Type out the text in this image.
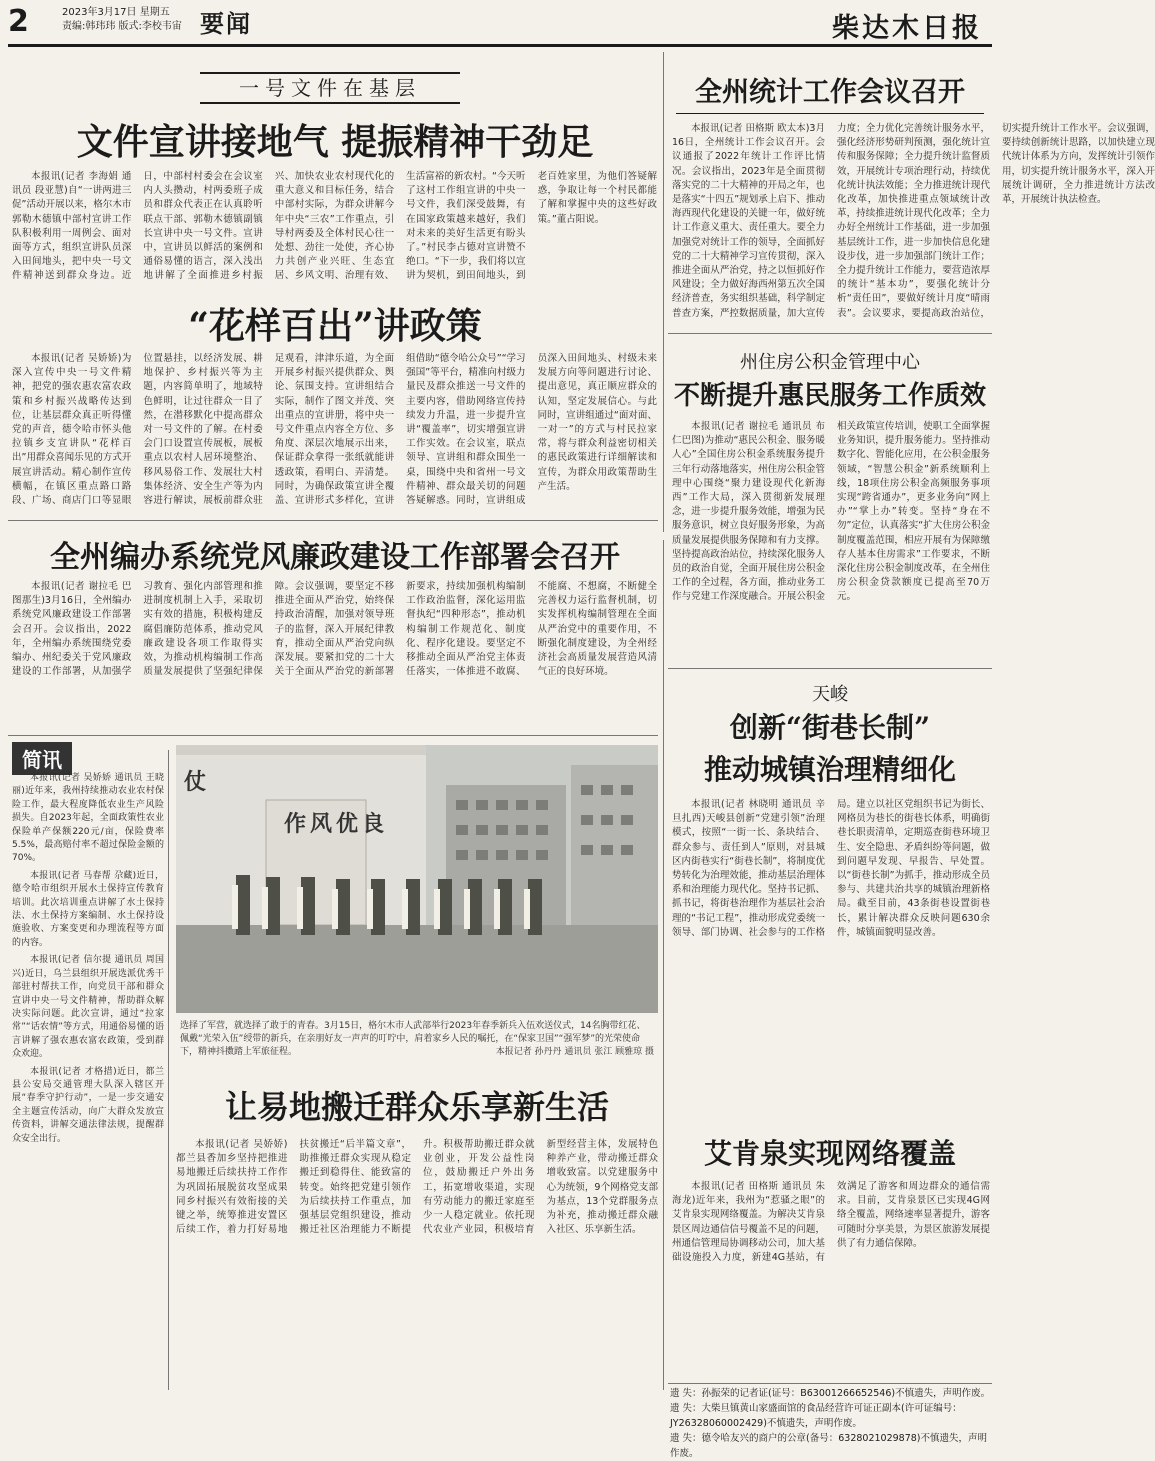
2	2023年3月17日 星期五
责编:韩玮玮 版式:李校韦宙 要闻	柴达木日报
一号文件在基层
文件宣讲接地气 提振精神干劲足

本报讯(记者 李海娟 通讯员 段亚慧)自“一讲两进三促”活动开展以来，格尔木市郭勒木德镇中部村宣讲工作队积极利用一周例会、面对面等方式，组织宣讲队员深入田间地头，把中央一号文件精神送到群众身边。近日，中部村村委会在会议室内人头攒动，村两委班子成员和群众代表正在认真聆听联点干部、郭勒木德镇副镇长宣讲中央一号文件。宣讲中，宣讲员以鲜活的案例和通俗易懂的语言，深入浅出地讲解了全面推进乡村振兴、加快农业农村现代化的重大意义和目标任务，结合中部村实际，为群众讲解今年中央“三农”工作重点，引导村两委及全体村民心往一处想、劲往一处使，齐心协力共创产业兴旺、生态宜居、乡风文明、治理有效、生活富裕的新农村。“今天听了这村工作组宣讲的中央一号文件，我们深受鼓舞，有在国家政策越来越好，我们对未来的美好生活更有盼头了。”村民李占德对宣讲赞不绝口。“下一步，我们将以宣讲为契机，到田间地头，到老百姓家里，为他们答疑解惑，争取让每一个村民都能了解和掌握中央的这些好政策。”董占阳说。

“花样百出”讲政策

本报讯(记者 吴娇娇)为深入宣传中央一号文件精神，把党的强农惠农富农政策和乡村振兴战略传达到位，让基层群众真正听得懂党的声音，德令哈市怀头他拉镇乡支宣讲队“花样百出”用群众喜闻乐见的方式开展宣讲活动。精心制作宣传横幅，在镇区重点路口路段、广场、商店门口等显眼位置悬挂，以经济发展、耕地保护、乡村振兴等为主题，内容简单明了，地域特色鲜明，让过往群众一目了然，在潜移默化中提高群众对一号文件的了解。在村委会门口设置宣传展板，展板重点以农村人居环境整治、移风易俗工作、发展壮大村集体经济、安全生产等为内容进行解读，展板前群众驻足观看，津津乐道，为全面开展乡村振兴提供群众、舆论、氛围支持。宣讲组结合实际，制作了图文并茂、突出重点的宣讲册，将中央一号文件重点内容全方位、多角度、深层次地展示出来，保证群众拿得一张纸就能讲透政策，看明白、弄清楚。同时，为确保政策宣讲全覆盖、宣讲形式多样化，宣讲组借助“德令哈公众号”“学习强国”等平台，精准向村级力量民及群众推送一号文件的主要内容，借助网络宣传持续发力升温，进一步提升宣讲“覆盖率”，切实增强宣讲工作实效。在会议室，联点领导、宣讲组和群众围坐一桌，围绕中央和省州一号文件精神、群众最关切的问题答疑解惑。同时，宣讲组成员深入田间地头、村级未来发展方向等问题进行讨论、提出意见，真正顺应群众的认知，坚定发展信心。与此同时，宣讲组通过“面对面、一对一”的方式与村民拉家常，将与群众利益密切相关的惠民政策进行详细解读和宣传，为群众用政策帮助生产生活。

全州统计工作会议召开

本报讯(记者 田格斯 欧太本)3月16日，全州统计工作会议召开。会议通报了2022年统计工作评比情况。会议指出，2023年是全面贯彻落实党的二十大精神的开局之年，也是落实“十四五”规划承上启下、推动海西现代化建设的关键一年，做好统计工作意义重大、责任重大。要全力加强党对统计工作的领导，全面抓好党的二十大精神学习宣传贯彻，深入推进全面从严治党，持之以恒抓好作风建设；全力做好海西州第五次全国经济普查，务实组织基础，科学制定普查方案，严控数据质量，加大宣传力度；全力优化完善统计服务水平，强化经济形势研判预测，强化统计宣传和服务保障；全力提升统计监督质效，开展统计专项治理行动，持续优化统计执法效能；全力推进统计现代化改革，加快推进重点领域统计改革，持续推进统计现代化改革；全力办好全州统计工作基础，进一步加强基层统计工作，进一步加快信息化建设步伐，进一步加强部门统计工作；全力提升统计工作能力，要营造浓厚的统计“基本功”，要强化统计分析“责任田”，要做好统计月度“晴雨表”。会议要求，要提高政治站位，切实提升统计工作水平。会议强调，要持续创新统计思路，以加快建立现代统计体系为方向，发挥统计引领作用，切实提升统计服务水平，深入开展统计调研，全力推进统计方法改革，开展统计执法检查。

州住房公积金管理中心
不断提升惠民服务工作质效

本报讯(记者 谢拉毛 通讯员 布仁巴图)为推动“惠民公积金、服务暖人心”全国住房公积金系统服务提升三年行动落地落实，州住房公积金管理中心围绕“聚力建设现代化新海西”工作大局，深入贯彻新发展理念，进一步提升服务效能，增强为民服务意识，树立良好服务形象，为高质量发展提供服务保障和有力支撑。坚持提高政治站位，持续深化服务人员的政治自觉，全面开展住房公积金工作的全过程，各方面，推动业务工作与党建工作深度融合。开展公积金相关政策宣传培训，使职工全面掌握业务知识，提升服务能力。坚持推动数字化、智能化应用，在公积金服务领域，“智慧公积金”新系统顺利上线，18项住房公积金高频服务事项实现“跨省通办”，更多业务向“网上办”“掌上办”转变。坚持“身在不勿”定位，认真落实“扩大住房公积金制度覆盖范围，相应开展有为保障缴存人基本住房需求”工作要求，不断深化住房公积金制度改革，在全州住房公积金贷款额度已提高至70万元。

全州编办系统党风廉政建设工作部署会召开

本报讯(记者 谢拉毛 巴图那生)3月16日，全州编办系统党风廉政建设工作部署会召开。会议指出，2022年，全州编办系统围绕党委编办、州纪委关于党风廉政建设的工作部署，从加强学习教育、强化内部管理和推进制度机制上入手，采取切实有效的措施，积极构建反腐倡廉防范体系，推动党风廉政建设各项工作取得实效，为推动机构编制工作高质量发展提供了坚强纪律保障。会议强调，要坚定不移推进全面从严治党，始终保持政治清醒，加强对领导班子的监督，深入开展纪律教育，推动全面从严治党向纵深发展。要紧扣党的二十大关于全面从严治党的新部署新要求，持续加强机构编制工作政治监督，深化运用监督执纪“四种形态”，推动机构编制工作规范化、制度化、程序化建设。要坚定不移推动全面从严治党主体责任落实，一体推进不敢腐、不能腐、不想腐，不断健全完善权力运行监督机制，切实发挥机构编制管理在全面从严治党中的重要作用，不断强化制度建设，为全州经济社会高质量发展营造风清气正的良好环境。

简讯

本报讯(记者 吴娇娇 通讯员 王晓丽)近年来，我州持续推动农业农村保险工作，最大程度降低农业生产风险损失。自2023年起，全面政策性农业保险单产保额220元/亩，保险费率5.5%，最高赔付率不超过保险金额的70%。

本报讯(记者 马春帮 尕藏)近日，德令哈市组织开展水土保持宣传教育培训。此次培训重点讲解了水土保持法、水土保持方案编制、水土保持设施验收、方案变更和办理流程等方面的内容。

本报讯(记者 信尔提 通讯员 周国兴)近日，乌兰县组织开展选派优秀干部驻村帮扶工作，向党员干部和群众宣讲中央一号文件精神，帮助群众解决实际问题。此次宣讲，通过“拉家常”“话农情”等方式，用通俗易懂的语言讲解了强农惠农富农政策，受到群众欢迎。

本报讯(记者 才格措)近日，都兰县公安局交通管理大队深入辖区开展“春季守护行动”，一是一步交通安全主题宣传活动，向广大群众发放宣传资料，讲解交通法律法规，提醒群众安全出行。

作风优良
仗
选择了军营，就选择了敢于的青春。3月15日，格尔木市人武部举行2023年春季新兵入伍欢送仪式，14名胸带红花、佩戴“光荣入伍”绶带的新兵，在亲朋好友一声声的叮咛中，肩着家乡人民的嘱托，在“保家卫国”“强军梦”的光荣使命下，精神抖擞踏上军旅征程。	本报记者 孙丹丹 通讯员 张江 顾雅琼 摄
天峻
创新“街巷长制”
推动城镇治理精细化

本报讯(记者 林晓明 通讯员 辛旦扎西)天峻县创新“党建引领”治理模式，按照“一街一长、条块结合、群众参与、责任到人”原则，对县城区内街巷实行“街巷长制”，将制度优势转化为治理效能，推动基层治理体系和治理能力现代化。坚持书记抓、抓书记，将街巷治理作为基层社会治理的“书记工程”，推动形成党委统一领导、部门协调、社会参与的工作格局。建立以社区党组织书记为街长、网格员为巷长的街巷长体系，明确街巷长职责清单，定期巡查街巷环境卫生、安全隐患、矛盾纠纷等问题，做到问题早发现、早报告、早处置。以“街巷长制”为抓手，推动形成全员参与、共建共治共享的城镇治理新格局。截至目前，43条街巷设置街巷长，累计解决群众反映问题630余件，城镇面貌明显改善。

让易地搬迁群众乐享新生活

本报讯(记者 吴娇娇)都兰县香加乡坚持把推进易地搬迁后续扶持工作作为巩固拓展脱贫攻坚成果同乡村振兴有效衔接的关键之举，统筹推进安置区后续工作，着力打好易地扶贫搬迁“后半篇文章”，助推搬迁群众实现从稳定搬迁到稳得住、能致富的转变。始终把党建引领作为后续扶持工作重点，加强基层党组织建设，推动搬迁社区治理能力不断提升。积极帮助搬迁群众就业创业，开发公益性岗位，鼓励搬迁户外出务工，拓宽增收渠道，实现有劳动能力的搬迁家庭至少一人稳定就业。依托现代农业产业园，积极培育新型经营主体，发展特色种养产业，带动搬迁群众增收致富。以党建服务中心为统领，9个网格党支部为基点，13个党群服务点为补充，推动搬迁群众融入社区、乐享新生活。

艾肯泉实现网络覆盖

本报讯(记者 田格斯 通讯员 朱海龙)近年来，我州为“惹骚之眼”的艾肯泉实现网络覆盖。为解决艾肯泉景区周边通信信号覆盖不足的问题，州通信管理局协调移动公司，加大基础设施投入力度，新建4G基站，有效满足了游客和周边群众的通信需求。目前，艾肯泉景区已实现4G网络全覆盖，网络速率显著提升，游客可随时分享美景，为景区旅游发展提供了有力通信保障。

遗 失：孙振荣的记者证(证号：B63001266652546)不慎遗失，声明作废。

遗 失：大柴旦镇黄山家盛面馆的食品经营许可证正副本(许可证编号：JY26328060002429)不慎遗失，声明作废。

遗 失：德令哈友兴的商户的公章(备号：6328021029878)不慎遗失，声明作废。
